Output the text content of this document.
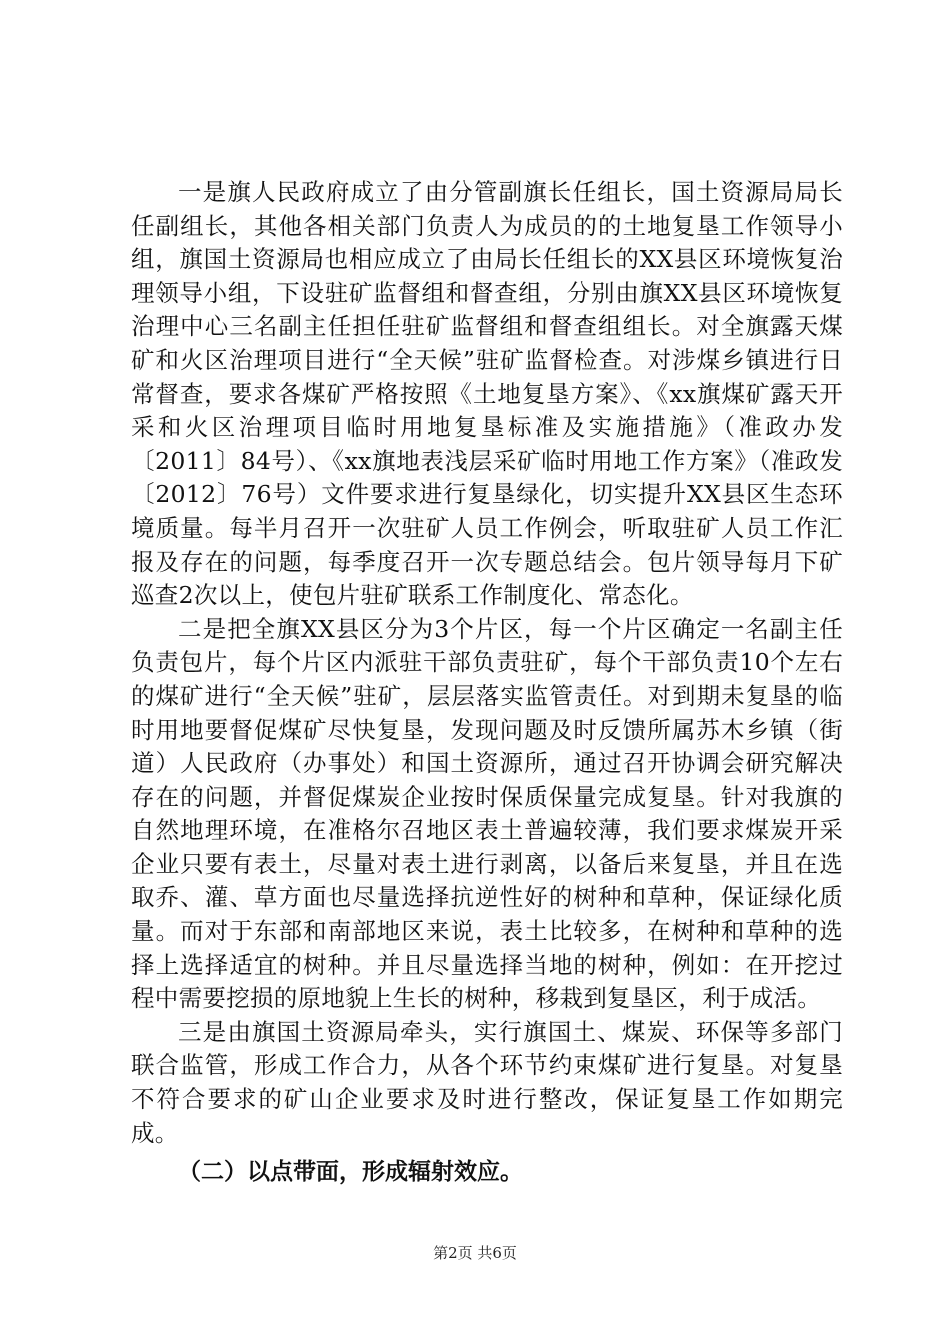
一是旗人民政府成立了由分管副旗长任组长，国土资源局局长任副组长，其他各相关部门负责人为成员的的土地复垦工作领导小组，旗国土资源局也相应成立了由局长任组长的XX县区环境恢复治理领导小组，下设驻矿监督组和督查组，分别由旗XX县区环境恢复治理中心三名副主任担任驻矿监督组和督查组组长。对全旗露天煤矿和火区治理项目进行“全天候”驻矿监督检查。对涉煤乡镇进行日常督查，要求各煤矿严格按照《土地复垦方案》、《xx旗煤矿露天开采和火区治理项目临时用地复垦标准及实施措施》（准政办发〔2011〕84号）、《xx旗地表浅层采矿临时用地工作方案》（准政发〔2012〕76号）文件要求进行复垦绿化，切实提升XX县区生态环境质量。每半月召开一次驻矿人员工作例会，听取驻矿人员工作汇报及存在的问题，每季度召开一次专题总结会。包片领导每月下矿巡查2次以上，使包片驻矿联系工作制度化、常态化。

二是把全旗XX县区分为3个片区，每一个片区确定一名副主任负责包片，每个片区内派驻干部负责驻矿，每个干部负责10个左右的煤矿进行“全天候”驻矿，层层落实监管责任。对到期未复垦的临时用地要督促煤矿尽快复垦，发现问题及时反馈所属苏木乡镇（街道）人民政府（办事处）和国土资源所，通过召开协调会研究解决存在的问题，并督促煤炭企业按时保质保量完成复垦。针对我旗的自然地理环境，在准格尔召地区表土普遍较薄，我们要求煤炭开采企业只要有表土，尽量对表土进行剥离，以备后来复垦，并且在选取乔、灌、草方面也尽量选择抗逆性好的树种和草种，保证绿化质量。而对于东部和南部地区来说，表土比较多，在树种和草种的选择上选择适宜的树种。并且尽量选择当地的树种，例如：在开挖过程中需要挖损的原地貌上生长的树种，移栽到复垦区，利于成活。

三是由旗国土资源局牵头，实行旗国土、煤炭、环保等多部门联合监管，形成工作合力，从各个环节约束煤矿进行复垦。对复垦不符合要求的矿山企业要求及时进行整改，保证复垦工作如期完成。

（二）以点带面，形成辐射效应。

第2页 共6页
